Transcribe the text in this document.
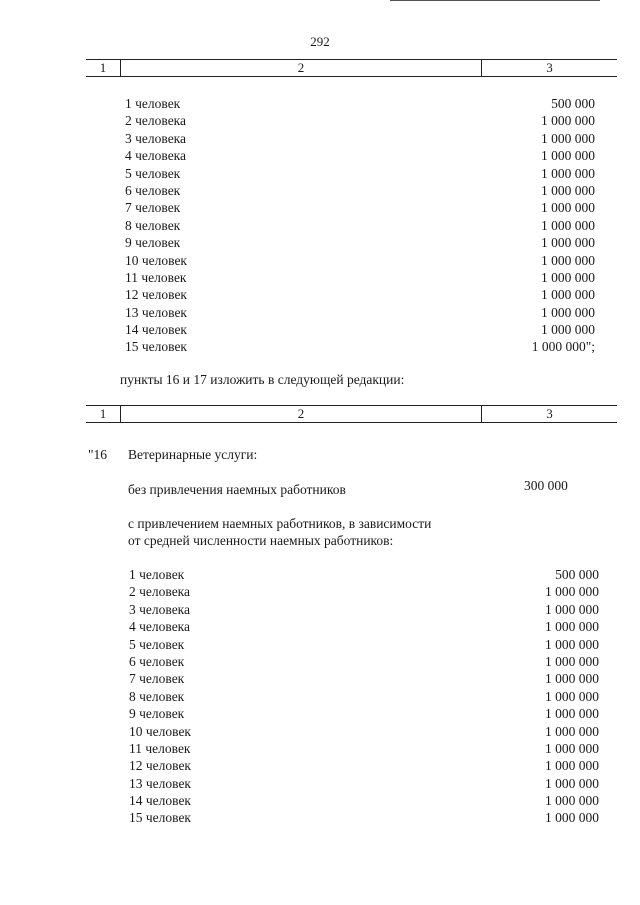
292
1	2	3
1 человек	500 000
2 человека	1 000 000
3 человека	1 000 000
4 человека	1 000 000
5 человек	1 000 000
6 человек	1 000 000
7 человек	1 000 000
8 человек	1 000 000
9 человек	1 000 000
10 человек	1 000 000
11 человек	1 000 000
12 человек	1 000 000
13 человек	1 000 000
14 человек	1 000 000
15 человек	1 000 000";
пункты 16 и 17 изложить в следующей редакции:
1	2	3
"16 Ветеринарные услуги:
без привлечения наемных работников	300 000
с привлечением наемных работников, в зависимости
от средней численности наемных работников:
1 человек	500 000
2 человека	1 000 000
3 человека	1 000 000
4 человека	1 000 000
5 человек	1 000 000
6 человек	1 000 000
7 человек	1 000 000
8 человек	1 000 000
9 человек	1 000 000
10 человек	1 000 000
11 человек	1 000 000
12 человек	1 000 000
13 человек	1 000 000
14 человек	1 000 000
15 человек	1 000 000
